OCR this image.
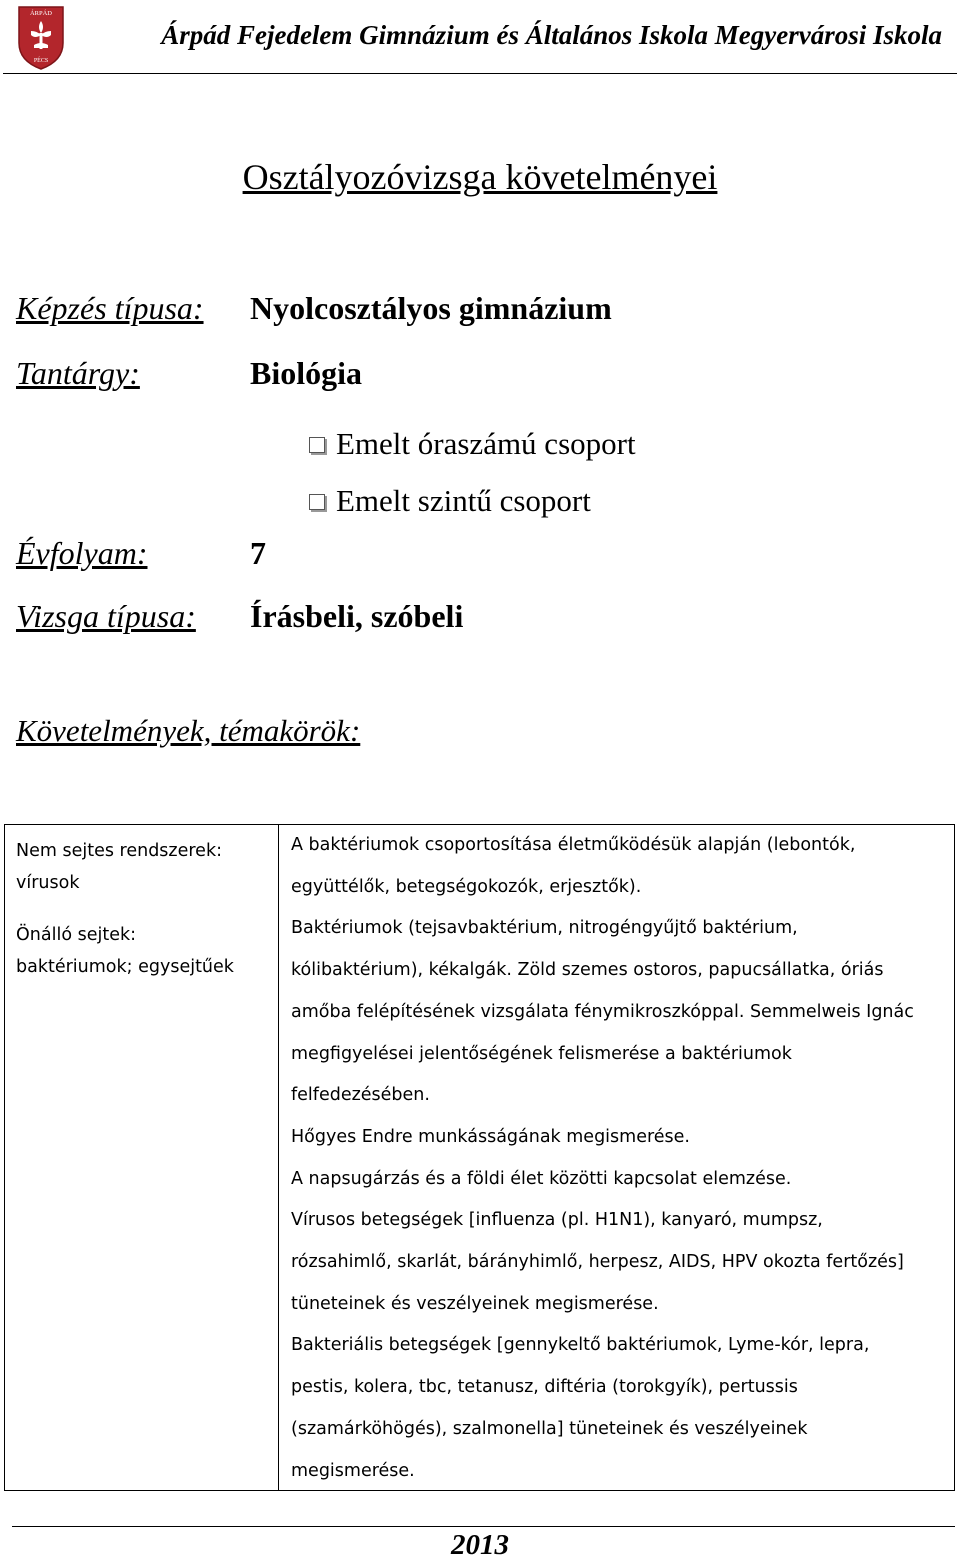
ÁRPÁD
PÉCS
Árpád Fejedelem Gimnázium és Általános Iskola Megyervárosi Iskola
Osztályozóvizsga követelményei
Képzés típusa: Nyolcosztályos gimnázium
Tantárgy:	Biológia
Emelt óraszámú csoport
Emelt szintű csoport
Évfolyam:	7
Vizsga típusa: Írásbeli, szóbeli
Követelmények, témakörök:

Nem sejtes rendszerek:
vírusok

Önálló sejtek:
baktériumok; egysejtűek

A baktériumok csoportosítása életműködésük alapján (lebontók,

együttélők, betegségokozók, erjesztők).

Baktériumok (tejsavbaktérium, nitrogéngyűjtő baktérium,

kólibaktérium), kékalgák. Zöld szemes ostoros, papucsállatka, óriás

amőba felépítésének vizsgálata fénymikroszkóppal. Semmelweis Ignác

megfigyelései jelentőségének felismerése a baktériumok

felfedezésében.

Hőgyes Endre munkásságának megismerése.

A napsugárzás és a földi élet közötti kapcsolat elemzése.

Vírusos betegségek [influenza (pl. H1N1), kanyaró, mumpsz,

rózsahimlő, skarlát, bárányhimlő, herpesz, AIDS, HPV okozta fertőzés]

tüneteinek és veszélyeinek megismerése.

Bakteriális betegségek [gennykeltő baktériumok, Lyme-kór, lepra,

pestis, kolera, tbc, tetanusz, diftéria (torokgyík), pertussis

(szamárköhögés), szalmonella] tüneteinek és veszélyeinek

megismerése.

2013
